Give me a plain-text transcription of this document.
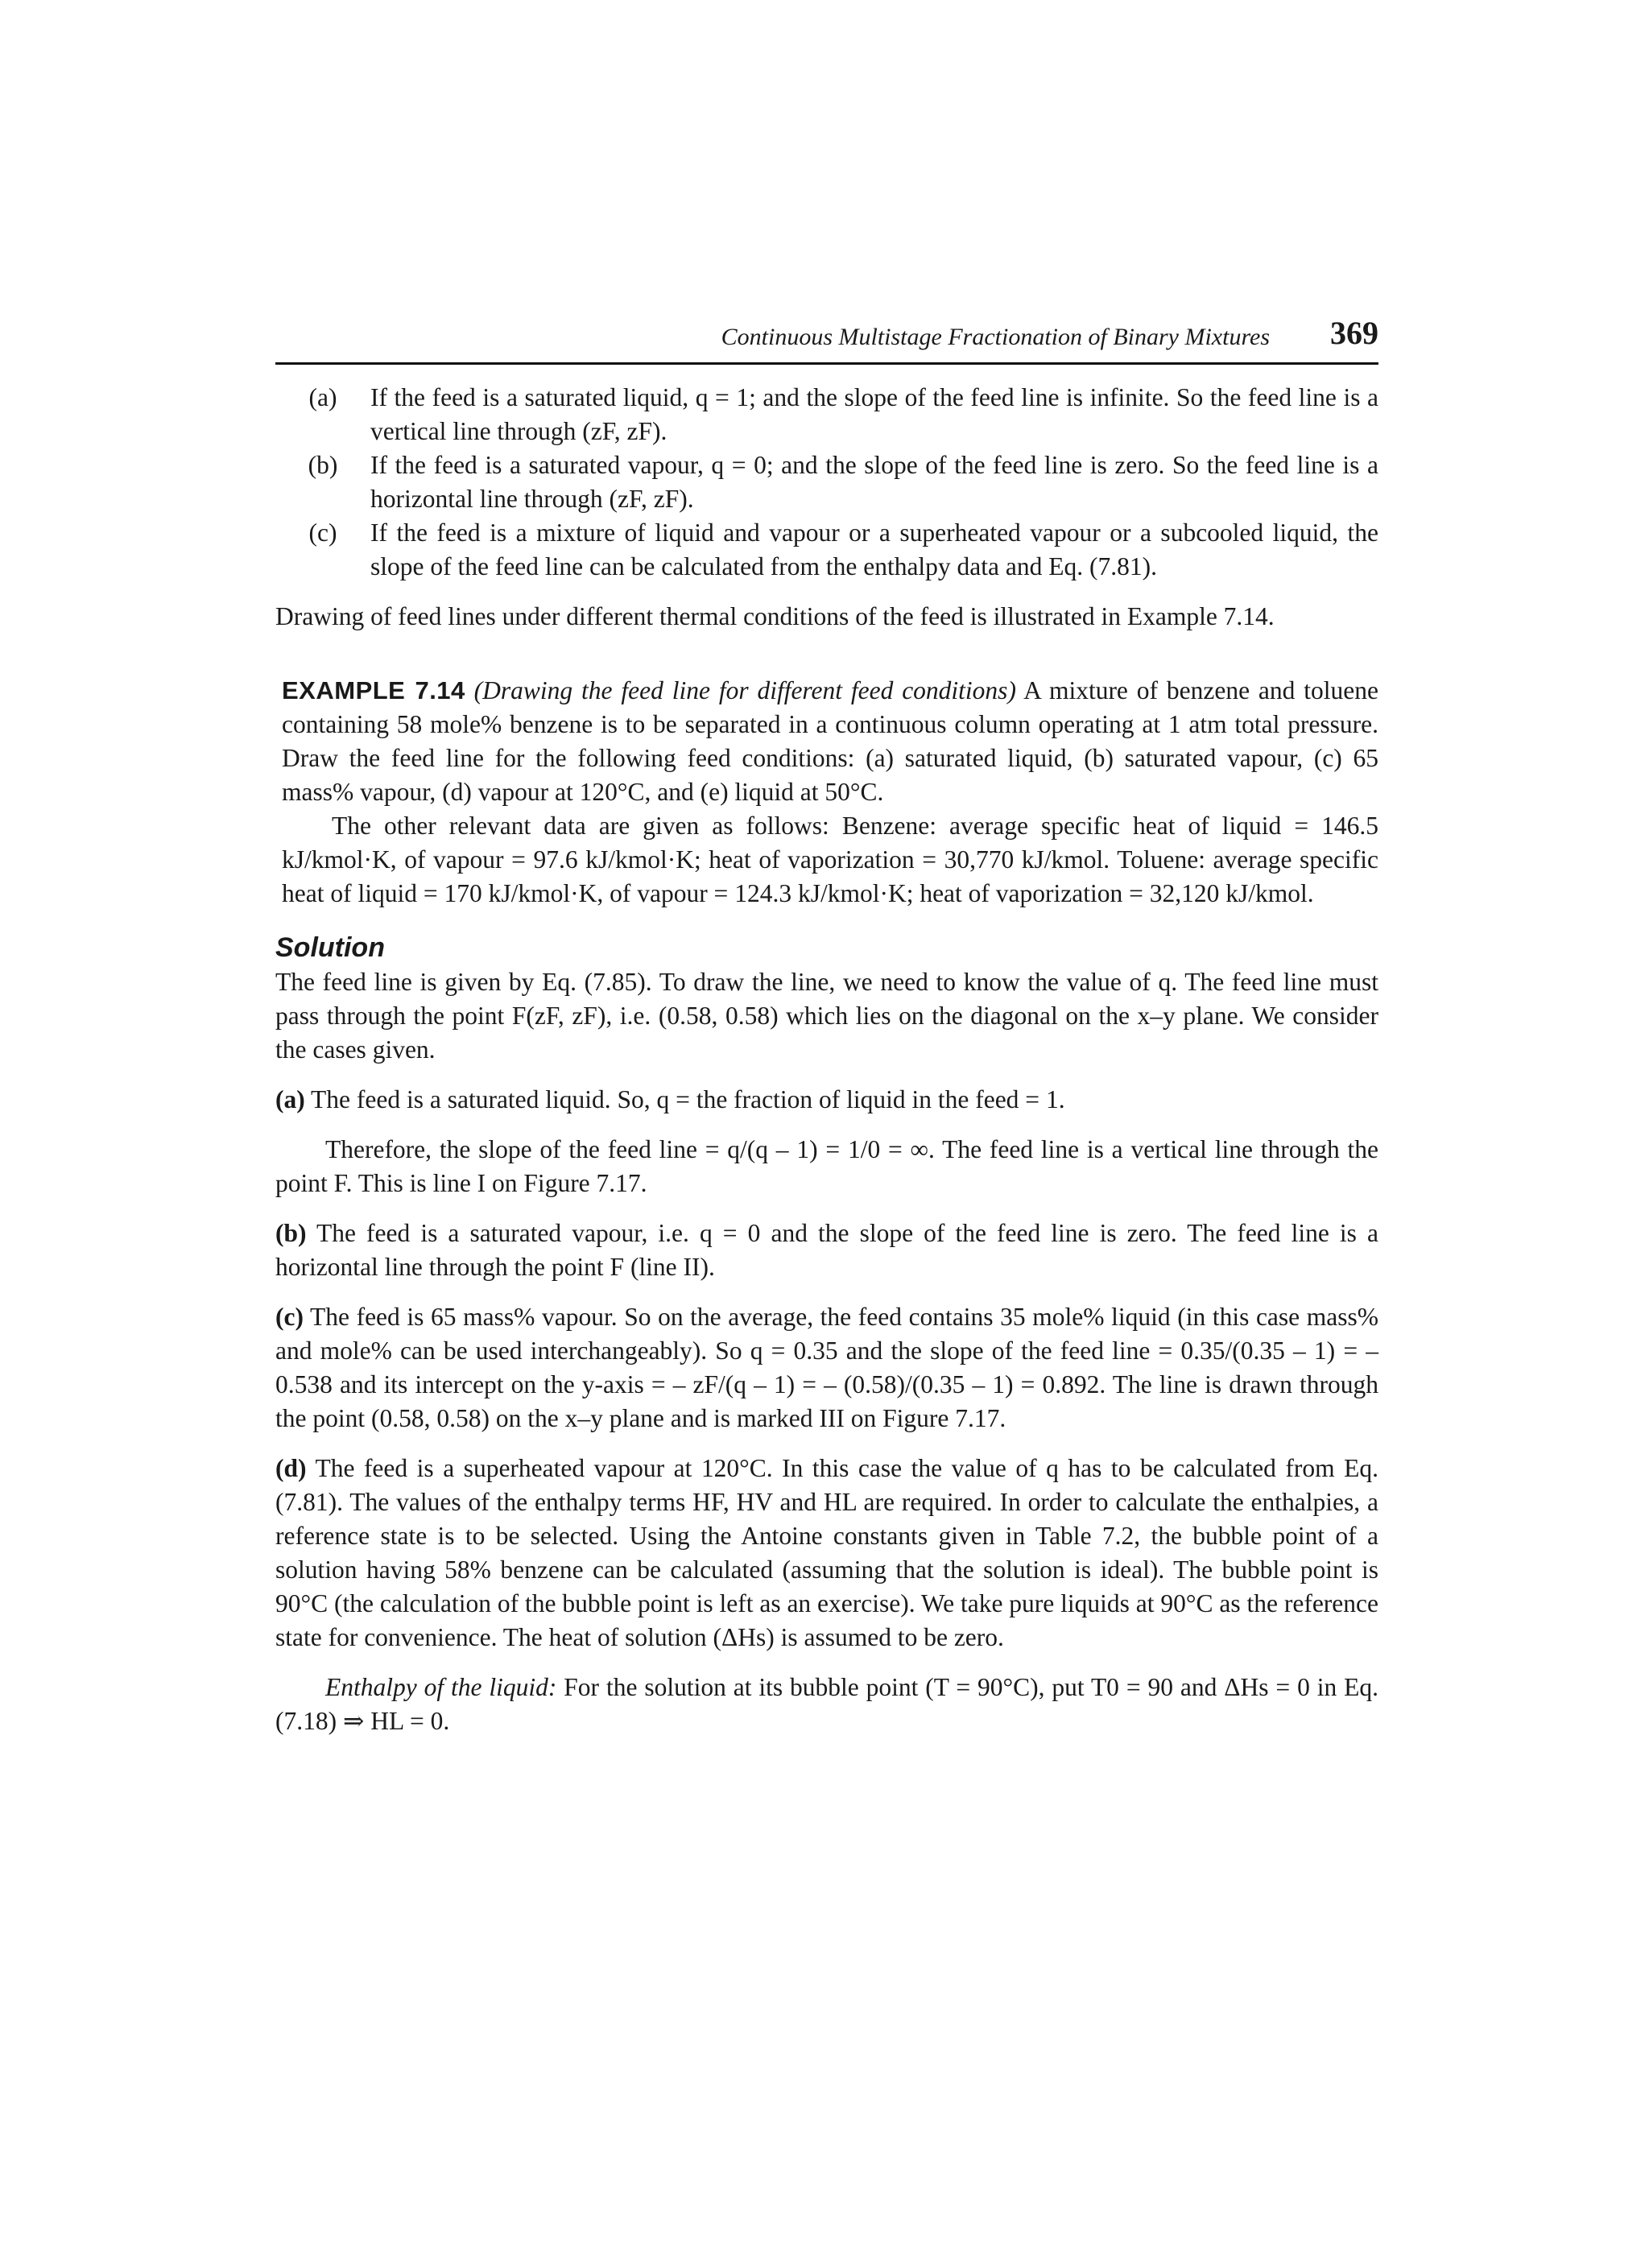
Continuous Multistage Fractionation of Binary Mixtures 369
(a)	If the feed is a saturated liquid, q = 1; and the slope of the feed line is infinite. So the feed line is a vertical line through (zF, zF).
(b)	If the feed is a saturated vapour, q = 0; and the slope of the feed line is zero. So the feed line is a horizontal line through (zF, zF).
(c)	If the feed is a mixture of liquid and vapour or a superheated vapour or a subcooled liquid, the slope of the feed line can be calculated from the enthalpy data and Eq. (7.81).

Drawing of feed lines under different thermal conditions of the feed is illustrated in Example 7.14.

EXAMPLE 7.14 (Drawing the feed line for different feed conditions) A mixture of benzene and toluene containing 58 mole% benzene is to be separated in a continuous column operating at 1 atm total pressure. Draw the feed line for the following feed conditions: (a) saturated liquid, (b) saturated vapour, (c) 65 mass% vapour, (d) vapour at 120°C, and (e) liquid at 50°C.

The other relevant data are given as follows: Benzene: average specific heat of liquid = 146.5 kJ/kmol·K, of vapour = 97.6 kJ/kmol·K; heat of vaporization = 30,770 kJ/kmol. Toluene: average specific heat of liquid = 170 kJ/kmol·K, of vapour = 124.3 kJ/kmol·K; heat of vaporization = 32,120 kJ/kmol.

Solution

The feed line is given by Eq. (7.85). To draw the line, we need to know the value of q. The feed line must pass through the point F(zF, zF), i.e. (0.58, 0.58) which lies on the diagonal on the x–y plane. We consider the cases given.

(a) The feed is a saturated liquid. So, q = the fraction of liquid in the feed = 1.

Therefore, the slope of the feed line = q/(q – 1) = 1/0 = ∞. The feed line is a vertical line through the point F. This is line I on Figure 7.17.

(b) The feed is a saturated vapour, i.e. q = 0 and the slope of the feed line is zero. The feed line is a horizontal line through the point F (line II).

(c) The feed is 65 mass% vapour. So on the average, the feed contains 35 mole% liquid (in this case mass% and mole% can be used interchangeably). So q = 0.35 and the slope of the feed line = 0.35/(0.35 – 1) = – 0.538 and its intercept on the y-axis = – zF/(q – 1) = – (0.58)/(0.35 – 1) = 0.892. The line is drawn through the point (0.58, 0.58) on the x–y plane and is marked III on Figure 7.17.

(d) The feed is a superheated vapour at 120°C. In this case the value of q has to be calculated from Eq. (7.81). The values of the enthalpy terms HF, HV and HL are required. In order to calculate the enthalpies, a reference state is to be selected. Using the Antoine constants given in Table 7.2, the bubble point of a solution having 58% benzene can be calculated (assuming that the solution is ideal). The bubble point is 90°C (the calculation of the bubble point is left as an exercise). We take pure liquids at 90°C as the reference state for convenience. The heat of solution (ΔHs) is assumed to be zero.

Enthalpy of the liquid: For the solution at its bubble point (T = 90°C), put T0 = 90 and ΔHs = 0 in Eq. (7.18) ⇒ HL = 0.
